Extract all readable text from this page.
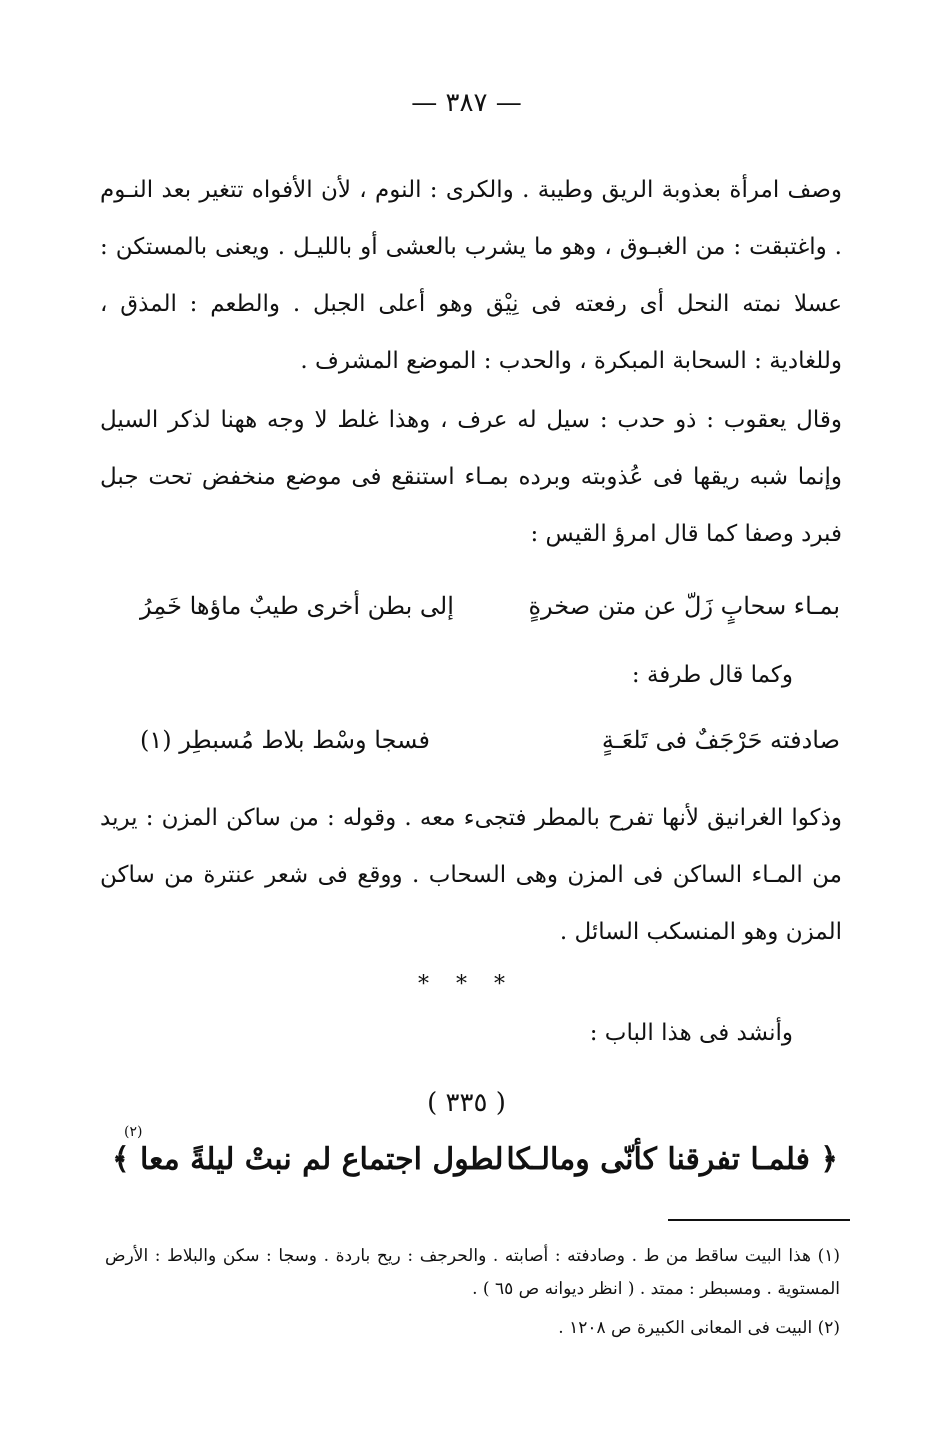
— ٣٨٧ —

وصف امرأة بعذوبة الريق وطيبة . والكرى : النوم ، لأن الأفواه تتغير بعد النـوم . واغتبقت : من الغبـوق ، وهو ما يشرب بالعشى أو بالليـل . ويعنى بالمستكن : عسلا نمته النحل أى رفعته فى نِيْق وهو أعلى الجبل . والطعم : المذق ، وللغادية : السحابة المبكرة ، والحدب : الموضع المشرف .

وقال يعقوب : ذو حدب : سيل له عرف ، وهذا غلط لا وجه ههنا لذكر السيل وإنما شبه ريقها فى عُذوبته وبرده بمـاء استنقع فى موضع منخفض تحت جبل فبرد وصفا كما قال امرؤ القيس :

بمـاء سحابٍ زَلّ عن متن صخرةٍ
إلى بطن أخرى طيبٌ ماؤها خَمِرُ
وكما قال طرفة :
صادفته حَرْجَفٌ فى تَلعَـةٍ
فسجا وسْط بلاط مُسبطِر (١)

وذكوا الغرانيق لأنها تفرح بالمطر فتجىء معه . وقوله : من ساكن المزن : يريد من المـاء الساكن فى المزن وهى السحاب . ووقع فى شعر عنترة من ساكن المزن وهو المنسكب السائل .

* * *
وأنشد فى هذا الباب :
( ٣٣٥ )
(٢)
﴿ فلمـا تفرقنا كأنّى ومالـكا
لطول اجتماع لم نبتْ ليلةً معا ﴾

(١) هذا البيت ساقط من ط . وصادفته : أصابته . والحرجف : ريح باردة . وسجا : سكن والبلاط : الأرض المستوية . ومسبطر : ممتد . ( انظر ديوانه ص ٦٥ ) .

(٢) البيت فى المعانى الكبيرة ص ١٢٠٨ .
